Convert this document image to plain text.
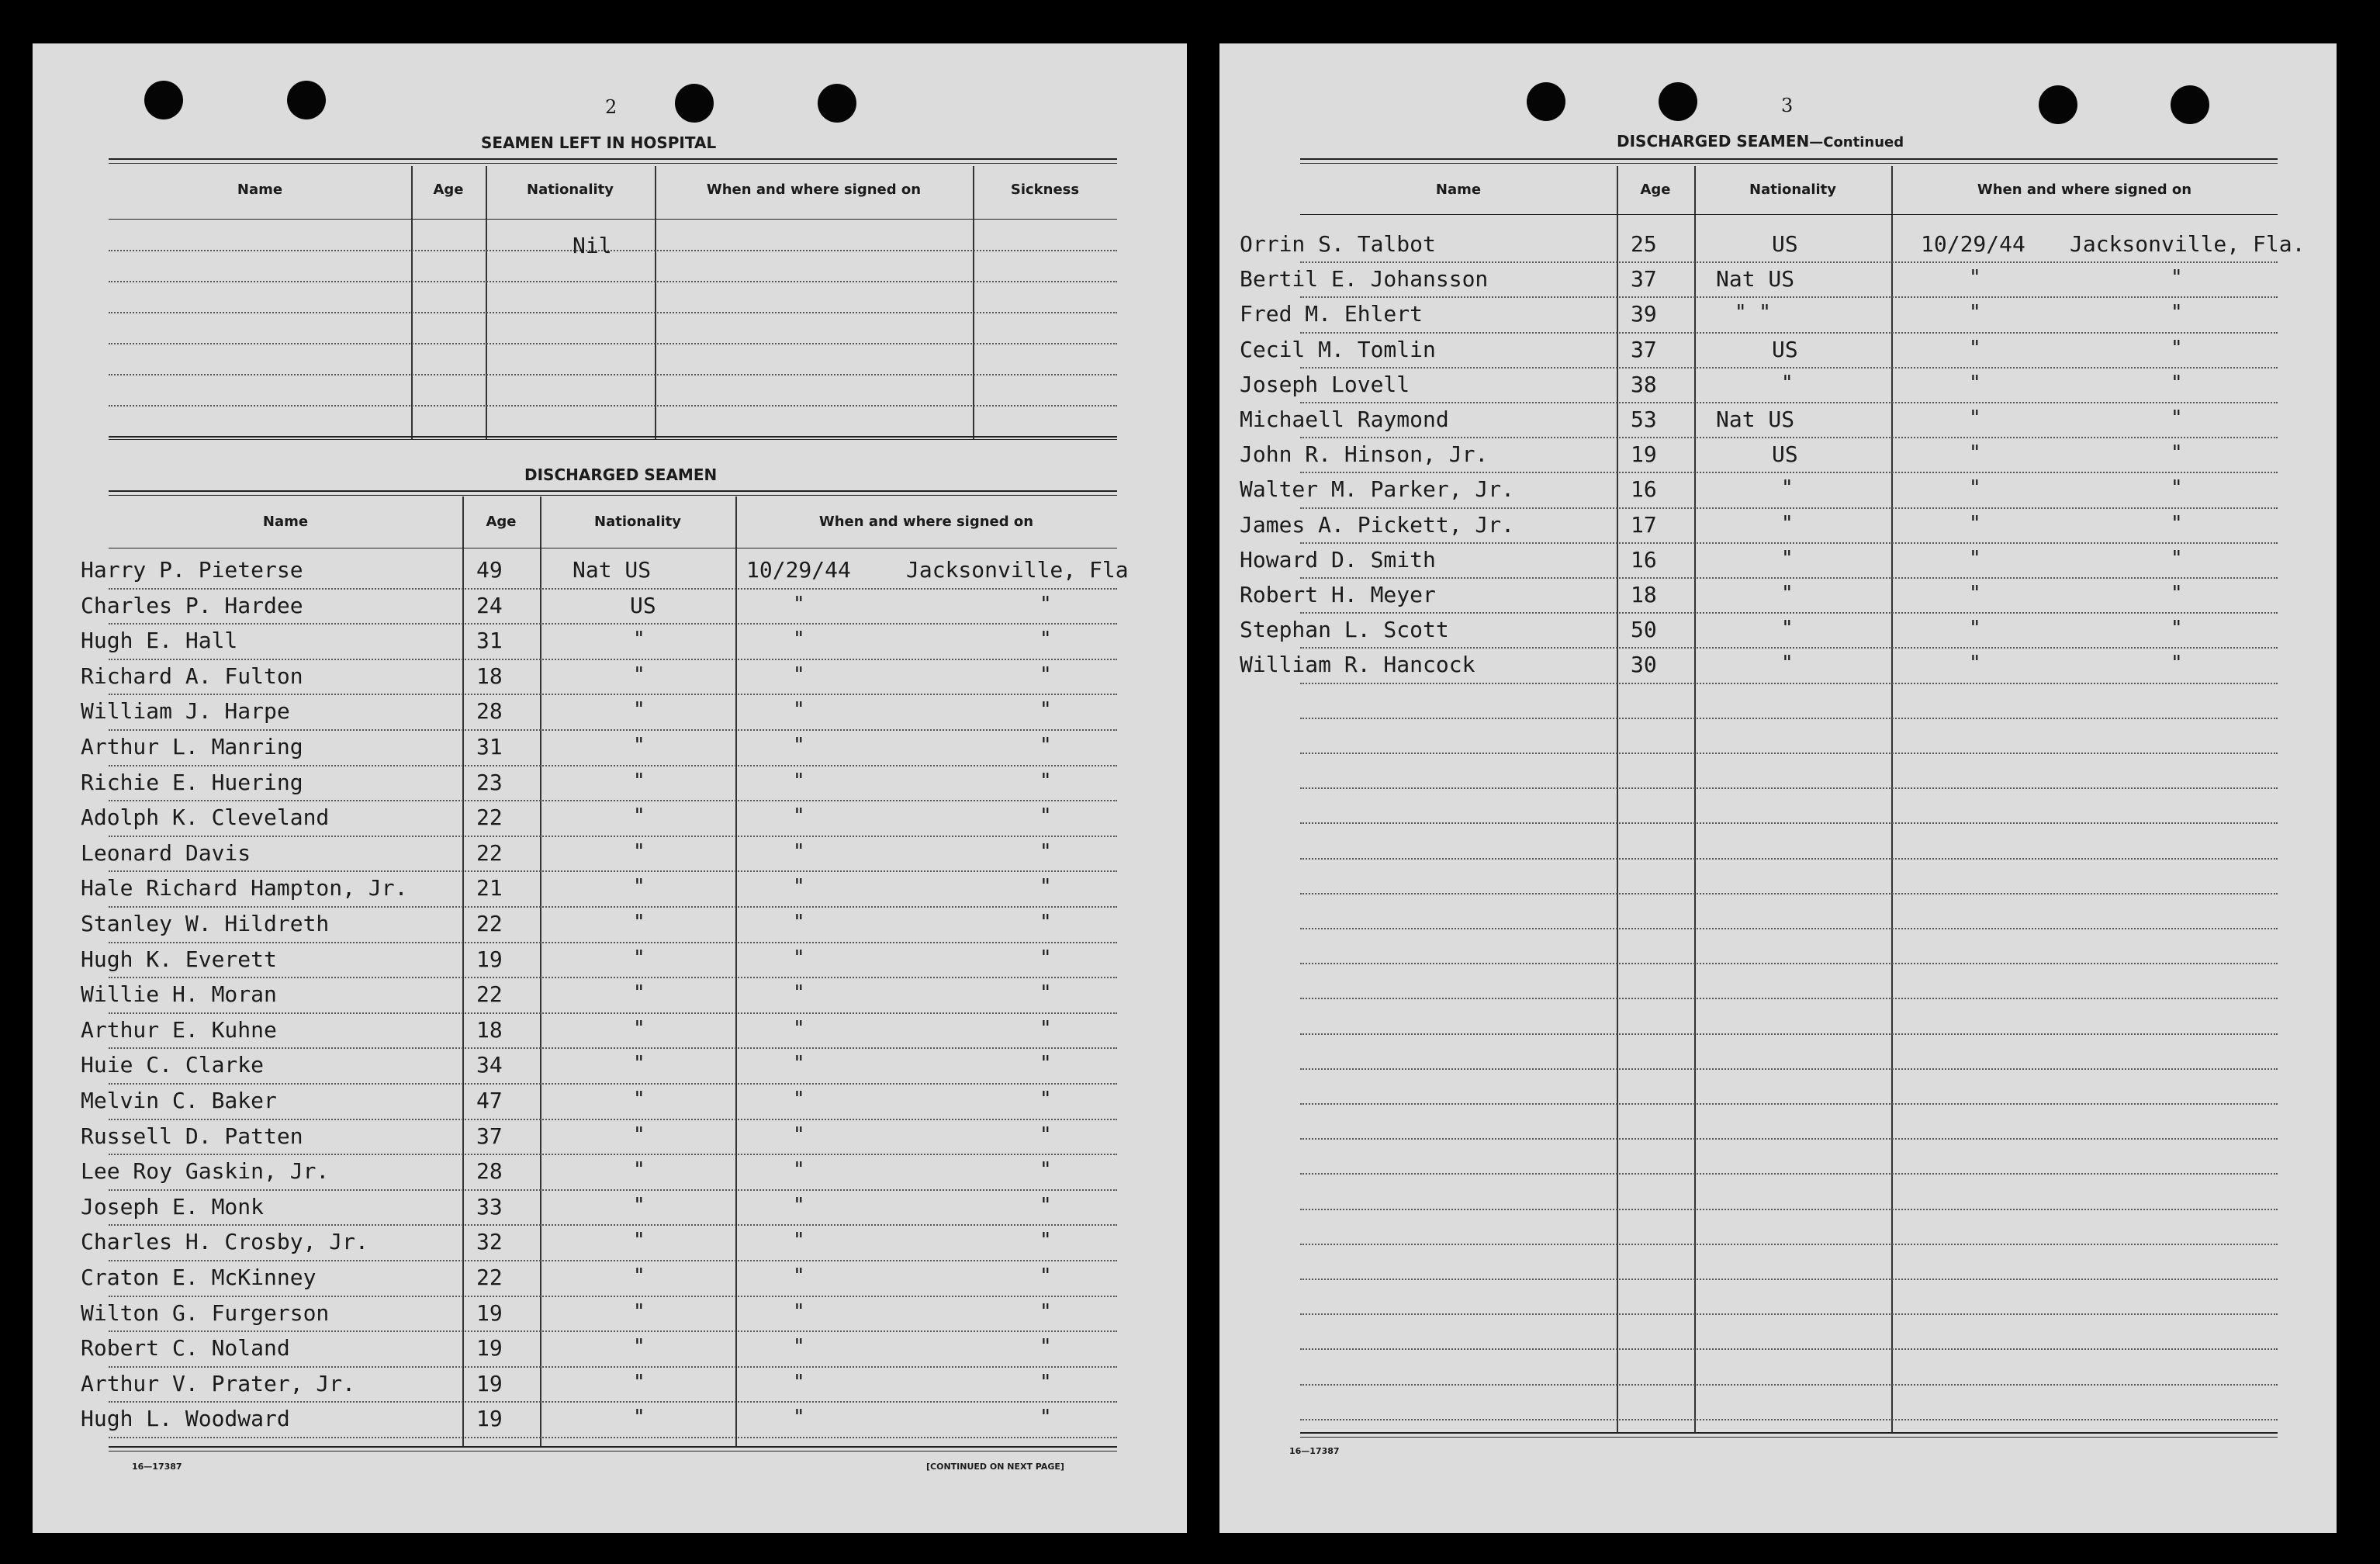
2
SEAMEN LEFT IN HOSPITAL
Name	Age	Nationality	When and where signed on	Sickness
Nil
DISCHARGED SEAMEN
Name	Age	Nationality	When and where signed on
Harry P. Pieterse	49	Nat US	10/29/44	Jacksonville, Fla
Charles P. Hardee	24	US	"	"
Hugh E. Hall	31	"	"	"
Richard A. Fulton	18	"	"	"
William J. Harpe	28	"	"	"
Arthur L. Manring	31	"	"	"
Richie E. Huering	23	"	"	"
Adolph K. Cleveland	22	"	"	"
Leonard Davis	22	"	"	"
Hale Richard Hampton, Jr.	21	"	"	"
Stanley W. Hildreth	22	"	"	"
Hugh K. Everett	19	"	"	"
Willie H. Moran	22	"	"	"
Arthur E. Kuhne	18	"	"	"
Huie C. Clarke	34	"	"	"
Melvin C. Baker	47	"	"	"
Russell D. Patten	37	"	"	"
Lee Roy Gaskin, Jr.	28	"	"	"
Joseph E. Monk	33	"	"	"
Charles H. Crosby, Jr.	32	"	"	"
Craton E. McKinney	22	"	"	"
Wilton G. Furgerson	19	"	"	"
Robert C. Noland	19	"	"	"
Arthur V. Prater, Jr.	19	"	"	"
Hugh L. Woodward	19	"	"	"
16—17387	[CONTINUED ON NEXT PAGE]
3
DISCHARGED SEAMEN—Continued
Name	Age	Nationality	When and where signed on
Orrin S. Talbot	25	US	10/29/44 Jacksonville, Fla.
Bertil E. Johansson	37	Nat US	"	"
Fred M. Ehlert	39	" "	"	"
Cecil M. Tomlin	37	US	"	"
Joseph Lovell	38	"	"	"
Michaell Raymond	53	Nat US	"	"
John R. Hinson, Jr.	19	US	"	"
Walter M. Parker, Jr.	16	"	"	"
James A. Pickett, Jr.	17	"	"	"
Howard D. Smith	16	"	"	"
Robert H. Meyer	18	"	"	"
Stephan L. Scott	50	"	"	"
William R. Hancock	30	"	"	"
16—17387
